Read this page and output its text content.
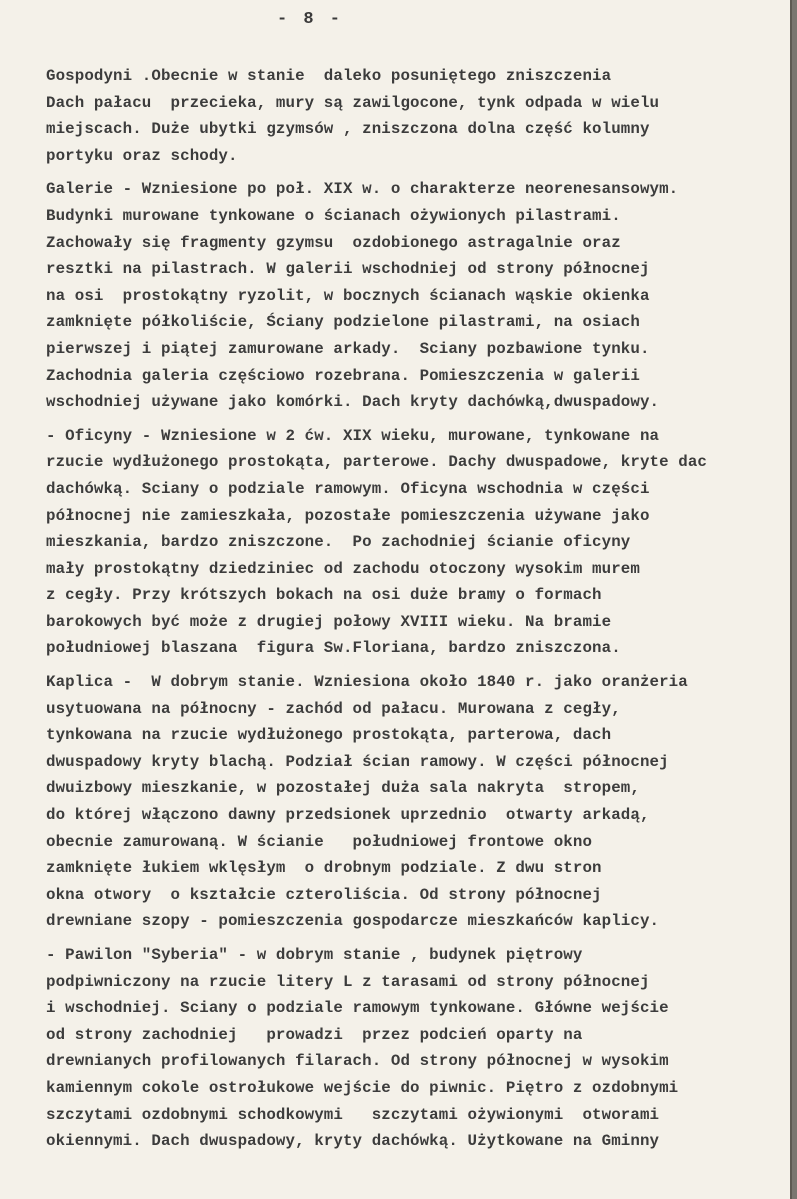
- 8 -
Gospodyni .Obecnie w stanie  daleko posuniętego zniszczenia
Dach pałacu  przecieka, mury są zawilgocone, tynk odpada w wielu
miejscach. Duże ubytki gzymsów , zniszczona dolna część kolumny
portyku oraz schody.
Galerie - Wzniesione po poł. XIX w. o charakterze neorenesansowym.
Budynki murowane tynkowane o ścianach ożywionych pilastrami.
Zachowały się fragmenty gzymsu  ozdobionego astragalnie oraz
resztki na pilastrach. W galerii wschodniej od strony północnej
na osi  prostokątny ryzolit, w bocznych ścianach wąskie okienka
zamknięte półkoliście, Ściany podzielone pilastrami, na osiach
pierwszej i piątej zamurowane arkady.  Sciany pozbawione tynku.
Zachodnia galeria częściowo rozebrana. Pomieszczenia w galerii
wschodniej używane jako komórki. Dach kryty dachówką,dwuspadowy.
- Oficyny - Wzniesione w 2 ćw. XIX wieku, murowane, tynkowane na
rzucie wydłużonego prostokąta, parterowe. Dachy dwuspadowe, kryte dac
dachówką. Sciany o podziale ramowym. Oficyna wschodnia w części
północnej nie zamieszkała, pozostałe pomieszczenia używane jako
mieszkania, bardzo zniszczone.  Po zachodniej ścianie oficyny
mały prostokątny dziedziniec od zachodu otoczony wysokim murem
z cegły. Przy krótszych bokach na osi duże bramy o formach
barokowych być może z drugiej połowy XVIII wieku. Na bramie
południowej blaszana  figura Sw.Floriana, bardzo zniszczona.
Kaplica -  W dobrym stanie. Wzniesiona około 1840 r. jako oranżeria
usytuowana na północny - zachód od pałacu. Murowana z cegły,
tynkowana na rzucie wydłużonego prostokąta, parterowa, dach
dwuspadowy kryty blachą. Podział ścian ramowy. W części północnej
dwuizbowy mieszkanie, w pozostałej duża sala nakryta  stropem,
do której włączono dawny przedsionek uprzednio  otwarty arkadą,
obecnie zamurowaną. W ścianie   południowej frontowe okno
zamknięte łukiem wklęsłym  o drobnym podziale. Z dwu stron
okna otwory  o kształcie czteroliścia. Od strony północnej
drewniane szopy - pomieszczenia gospodarcze mieszkańców kaplicy.
- Pawilon "Syberia" - w dobrym stanie , budynek piętrowy
podpiwniczony na rzucie litery L z tarasami od strony północnej
i wschodniej. Sciany o podziale ramowym tynkowane. Główne wejście
od strony zachodniej   prowadzi  przez podcień oparty na
drewnianych profilowanych filarach. Od strony północnej w wysokim
kamiennym cokole ostrołukowe wejście do piwnic. Piętro z ozdobnymi
szczytami ozdobnymi schodkowymi   szczytami ożywionymi  otworami
okiennymi. Dach dwuspadowy, kryty dachówką. Użytkowane na Gminny
